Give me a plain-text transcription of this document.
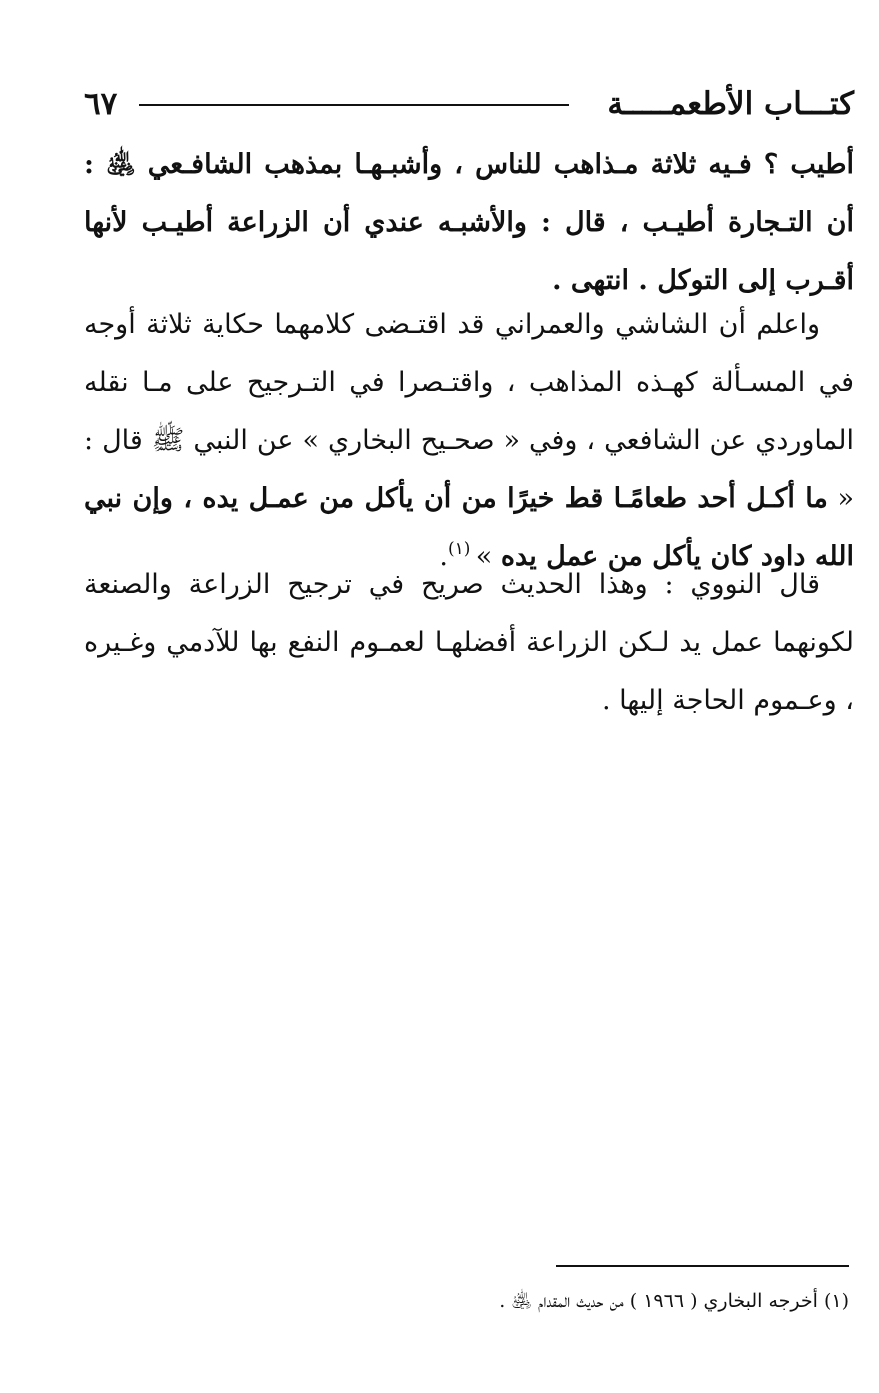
كتـــاب الأطعمـــــة
٦٧

أطيب ؟ فـيه ثلاثة مـذاهب للناس ، وأشبـهـا بمذهب الشافـعي ﵁ : أن التـجارة أطيـب ، قال : والأشبـه عندي أن الزراعة أطيـب لأنها أقـرب إلى التوكل . انتهى .

واعلم أن الشاشي والعمراني قد اقتـضى كلامهما حكاية ثلاثة أوجه في المسـألة كهـذه المذاهب ، واقتـصرا في التـرجيح على مـا نقله الماوردي عن الشافعي ، وفي « صحـيح البخاري » عن النبي ﷺ قال : « ما أكـل أحد طعامًـا قط خيرًا من أن يأكل من عمـل يده ، وإن نبي الله داود كان يأكل من عمل يده » $^{(١)}$.

قال النووي : وهذا الحديث صريح في ترجيح الزراعة والصنعة لكونهما عمل يد لـكن الزراعة أفضلهـا لعمـوم النفع بها للآدمي وغـيره ، وعـموم الحاجة إليها .

(١) أخرجه البخاري ( ١٩٦٦ ) من حديث المقدام ﵁ .
